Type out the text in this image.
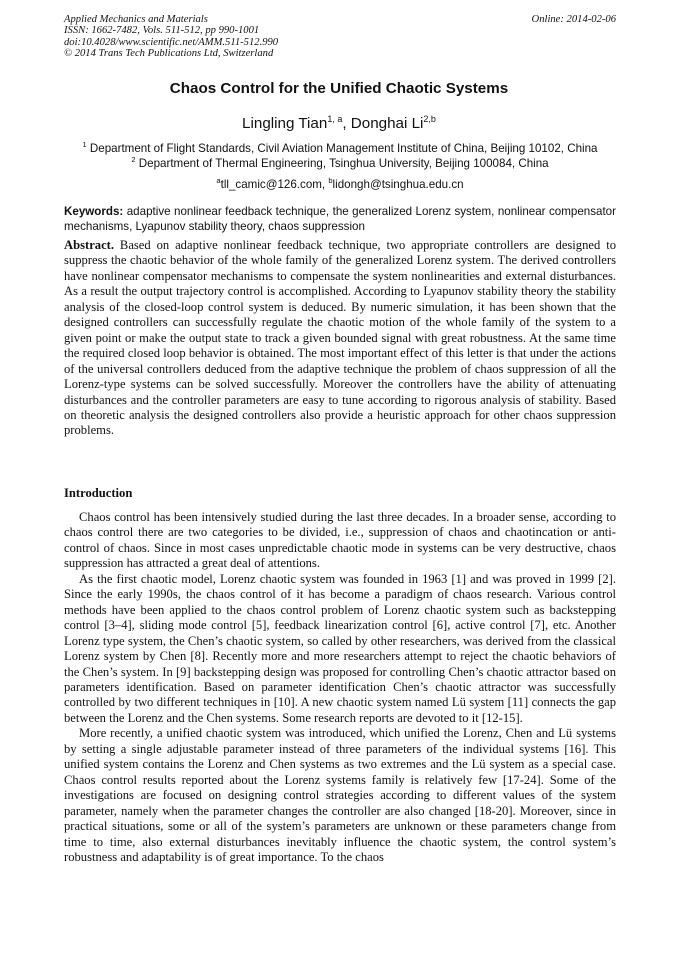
Applied Mechanics and Materials
ISSN: 1662-7482, Vols. 511-512, pp 990-1001
doi:10.4028/www.scientific.net/AMM.511-512.990
© 2014 Trans Tech Publications Ltd, Switzerland
Online: 2014-02-06
Chaos Control for the Unified Chaotic Systems
Lingling Tian$^{1, a}$, Donghai Li$^{2,b}$
$^1$ Department of Flight Standards, Civil Aviation Management Institute of China, Beijing 10102, China
$^2$ Department of Thermal Engineering, Tsinghua University, Beijing 100084, China
$^a$tll_camic@126.com, $^b$lidongh@tsinghua.edu.cn
Keywords: adaptive nonlinear feedback technique, the generalized Lorenz system, nonlinear compensator mechanisms, Lyapunov stability theory, chaos suppression
Abstract. Based on adaptive nonlinear feedback technique, two appropriate controllers are designed to suppress the chaotic behavior of the whole family of the generalized Lorenz system. The derived controllers have nonlinear compensator mechanisms to compensate the system nonlinearities and external disturbances. As a result the output trajectory control is accomplished. According to Lyapunov stability theory the stability analysis of the closed-loop control system is deduced. By numeric simulation, it has been shown that the designed controllers can successfully regulate the chaotic motion of the whole family of the system to a given point or make the output state to track a given bounded signal with great robustness. At the same time the required closed loop behavior is obtained. The most important effect of this letter is that under the actions of the universal controllers deduced from the adaptive technique the problem of chaos suppression of all the Lorenz-type systems can be solved successfully. Moreover the controllers have the ability of attenuating disturbances and the controller parameters are easy to tune according to rigorous analysis of stability. Based on theoretic analysis the designed controllers also provide a heuristic approach for other chaos suppression problems.
Introduction

Chaos control has been intensively studied during the last three decades. In a broader sense, according to chaos control there are two categories to be divided, i.e., suppression of chaos and chaotincation or anti-control of chaos. Since in most cases unpredictable chaotic mode in systems can be very destructive, chaos suppression has attracted a great deal of attentions.

As the first chaotic model, Lorenz chaotic system was founded in 1963 [1] and was proved in 1999 [2]. Since the early 1990s, the chaos control of it has become a paradigm of chaos research. Various control methods have been applied to the chaos control problem of Lorenz chaotic system such as backstepping control [3–4], sliding mode control [5], feedback linearization control [6], active control [7], etc. Another Lorenz type system, the Chen’s chaotic system, so called by other researchers, was derived from the classical Lorenz system by Chen [8]. Recently more and more researchers attempt to reject the chaotic behaviors of the Chen’s system. In [9] backstepping design was proposed for controlling Chen’s chaotic attractor based on parameters identification. Based on parameter identification Chen’s chaotic attractor was successfully controlled by two different techniques in [10]. A new chaotic system named Lü system [11] connects the gap between the Lorenz and the Chen systems. Some research reports are devoted to it [12-15].

More recently, a unified chaotic system was introduced, which unified the Lorenz, Chen and Lü systems by setting a single adjustable parameter instead of three parameters of the individual systems [16]. This unified system contains the Lorenz and Chen systems as two extremes and the Lü system as a special case. Chaos control results reported about the Lorenz systems family is relatively few [17-24]. Some of the investigations are focused on designing control strategies according to different values of the system parameter, namely when the parameter changes the controller are also changed [18-20]. Moreover, since in practical situations, some or all of the system’s parameters are unknown or these parameters change from time to time, also external disturbances inevitably influence the chaotic system, the control system’s robustness and adaptability is of great importance. To the chaos
